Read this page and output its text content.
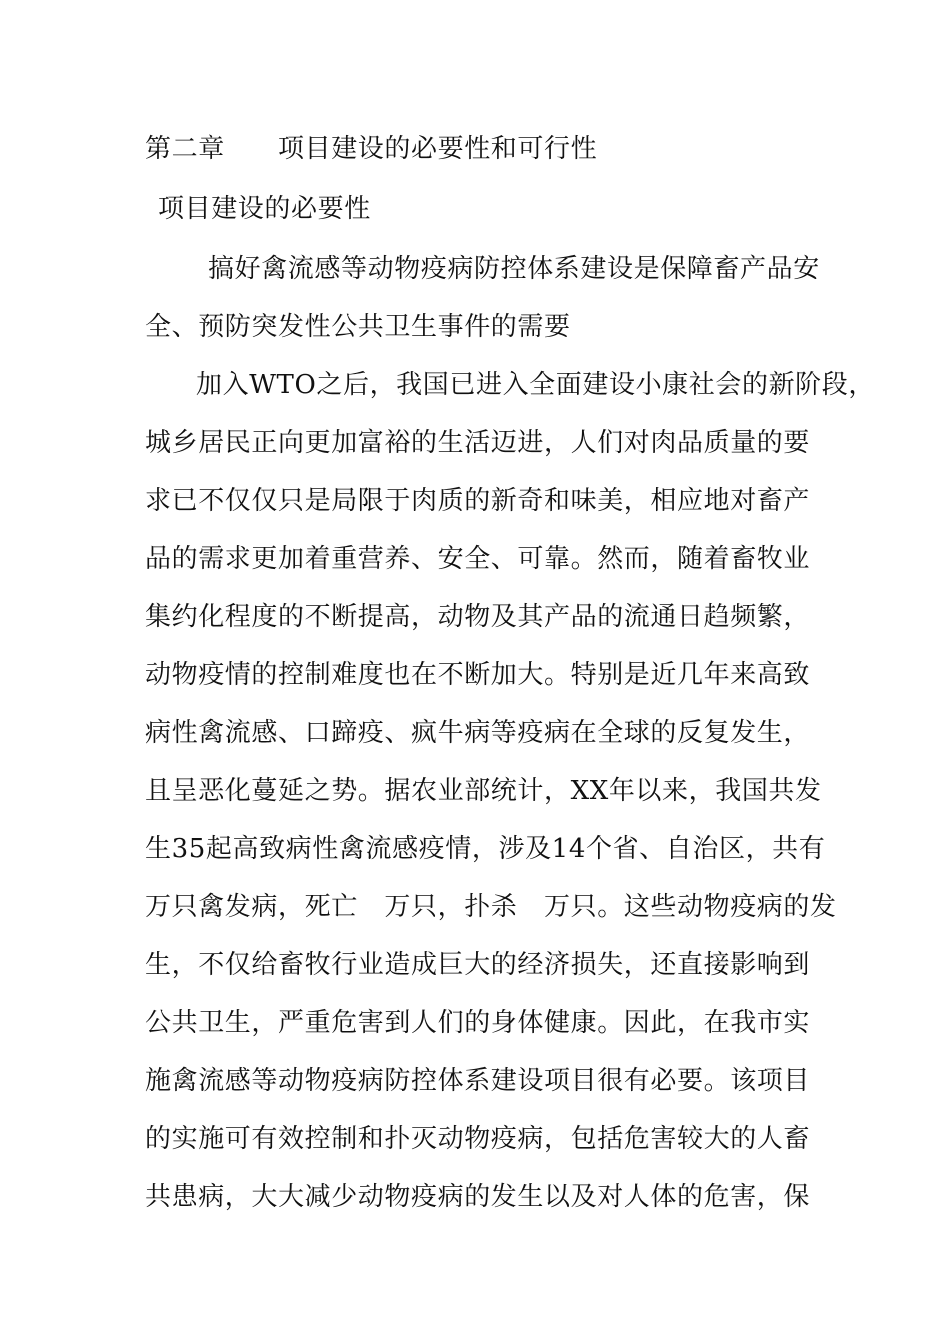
第二章　　项目建设的必要性和可行性
项目建设的必要性
搞好禽流感等动物疫病防控体系建设是保障畜产品安
全、预防突发性公共卫生事件的需要
加入WTO之后，我国已进入全面建设小康社会的新阶段，
城乡居民正向更加富裕的生活迈进，人们对肉品质量的要
求已不仅仅只是局限于肉质的新奇和味美，相应地对畜产
品的需求更加着重营养、安全、可靠。然而，随着畜牧业
集约化程度的不断提高，动物及其产品的流通日趋频繁，
动物疫情的控制难度也在不断加大。特别是近几年来高致
病性禽流感、口蹄疫、疯牛病等疫病在全球的反复发生，
且呈恶化蔓延之势。据农业部统计，XX年以来，我国共发
生35起高致病性禽流感疫情，涉及14个省、自治区，共有
万只禽发病，死亡　万只，扑杀　万只。这些动物疫病的发
生，不仅给畜牧行业造成巨大的经济损失，还直接影响到
公共卫生，严重危害到人们的身体健康。因此，在我市实
施禽流感等动物疫病防控体系建设项目很有必要。该项目
的实施可有效控制和扑灭动物疫病，包括危害较大的人畜
共患病，大大减少动物疫病的发生以及对人体的危害，保
